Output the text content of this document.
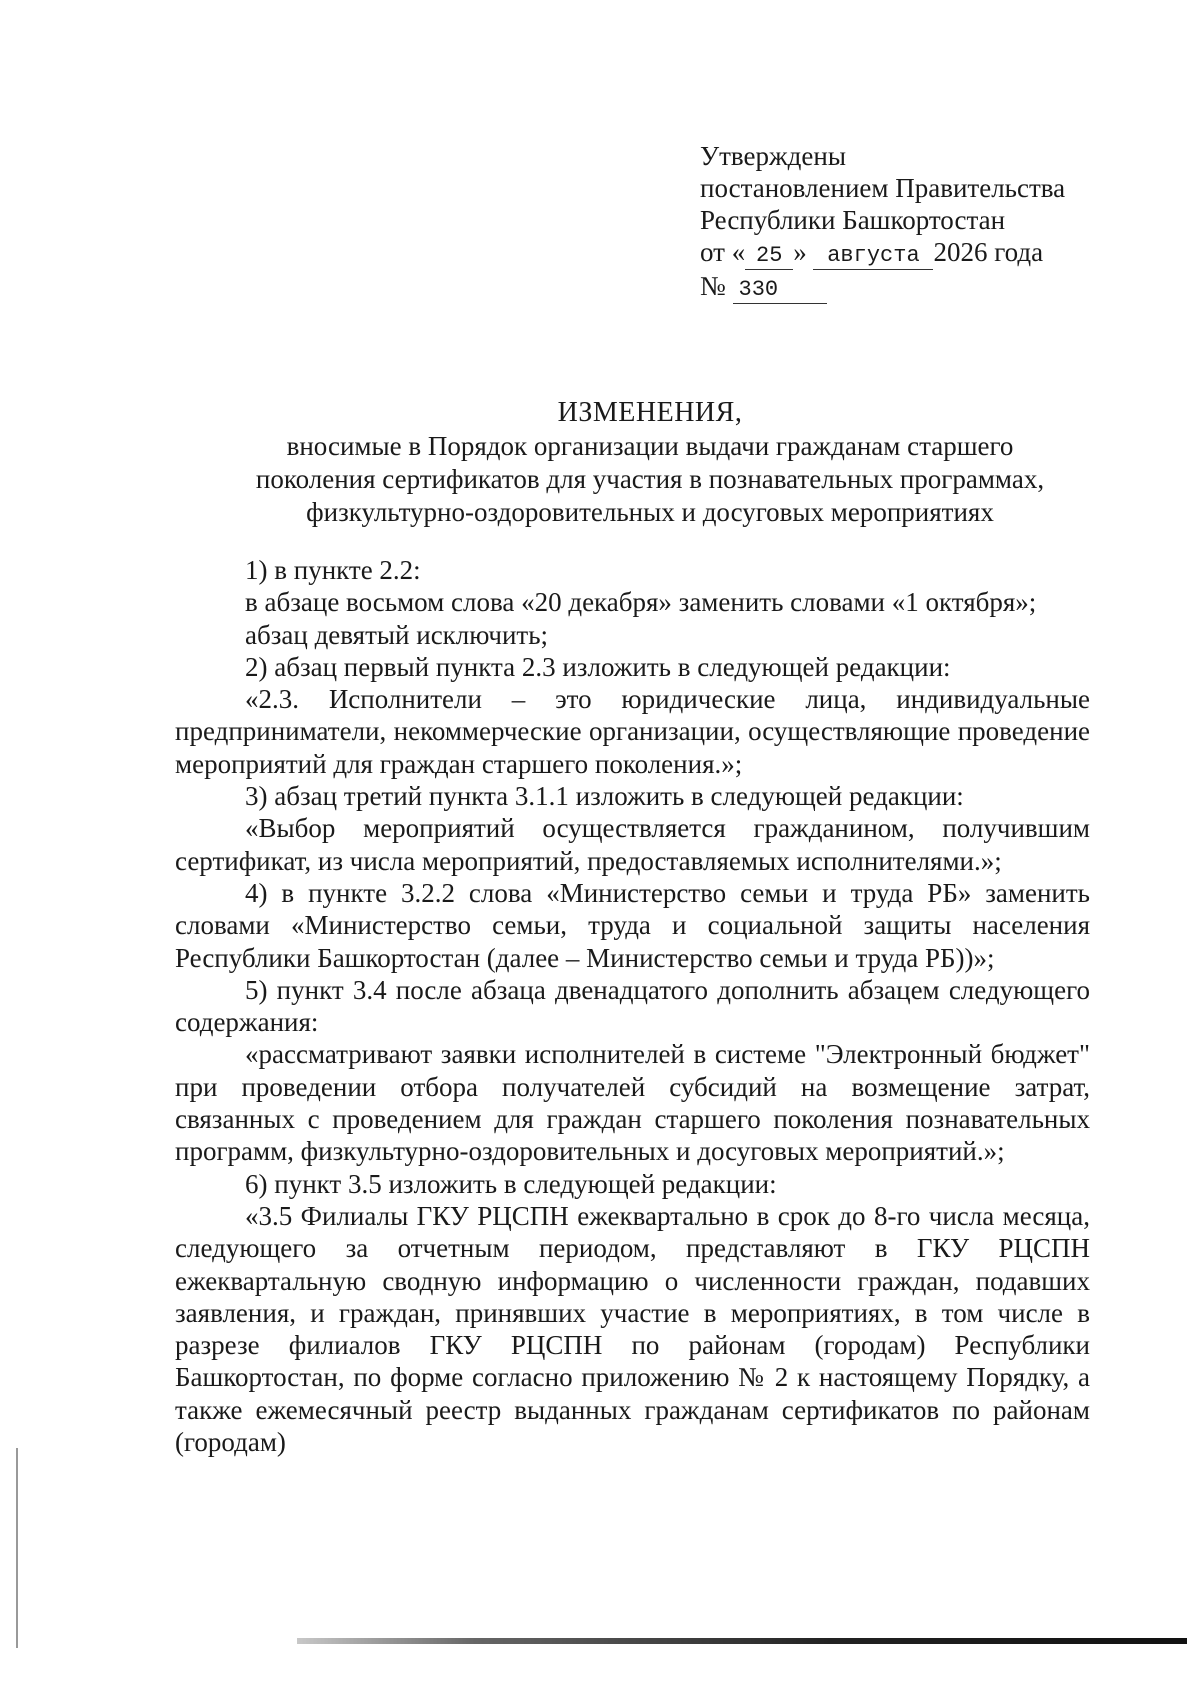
Утверждены
постановлением Правительства
Республики Башкортостан
от « 25 » августа 2026 года
№ 330
ИЗМЕНЕНИЯ,
вносимые в Порядок организации выдачи гражданам старшего
поколения сертификатов для участия в познавательных программах,
физкультурно-оздоровительных и досуговых мероприятиях

1) в пункте 2.2:

в абзаце восьмом слова «20 декабря» заменить словами «1 октября»;

абзац девятый исключить;

2) абзац первый пункта 2.3 изложить в следующей редакции:

«2.3. Исполнители – это юридические лица, индивидуальные предприниматели, некоммерческие организации, осуществляющие проведение мероприятий для граждан старшего поколения.»;

3) абзац третий пункта 3.1.1 изложить в следующей редакции:

«Выбор мероприятий осуществляется гражданином, получившим сертификат, из числа мероприятий, предоставляемых исполнителями.»;

4) в пункте 3.2.2 слова «Министерство семьи и труда РБ» заменить словами «Министерство семьи, труда и социальной защиты населения Республики Башкортостан (далее – Министерство семьи и труда РБ))»;

5) пункт 3.4 после абзаца двенадцатого дополнить абзацем следующего содержания:

«рассматривают заявки исполнителей в системе "Электронный бюджет" при проведении отбора получателей субсидий на возмещение затрат, связанных с проведением для граждан старшего поколения познавательных программ, физкультурно-оздоровительных и досуговых мероприятий.»;

6) пункт 3.5 изложить в следующей редакции:

«3.5 Филиалы ГКУ РЦСПН ежеквартально в срок до 8-го числа месяца, следующего за отчетным периодом, представляют в ГКУ РЦСПН ежеквартальную сводную информацию о численности граждан, подавших заявления, и граждан, принявших участие в мероприятиях, в том числе в разрезе филиалов ГКУ РЦСПН по районам (городам) Республики Башкортостан, по форме согласно приложению № 2 к настоящему Порядку, а также ежемесячный реестр выданных гражданам сертификатов по районам (городам)
